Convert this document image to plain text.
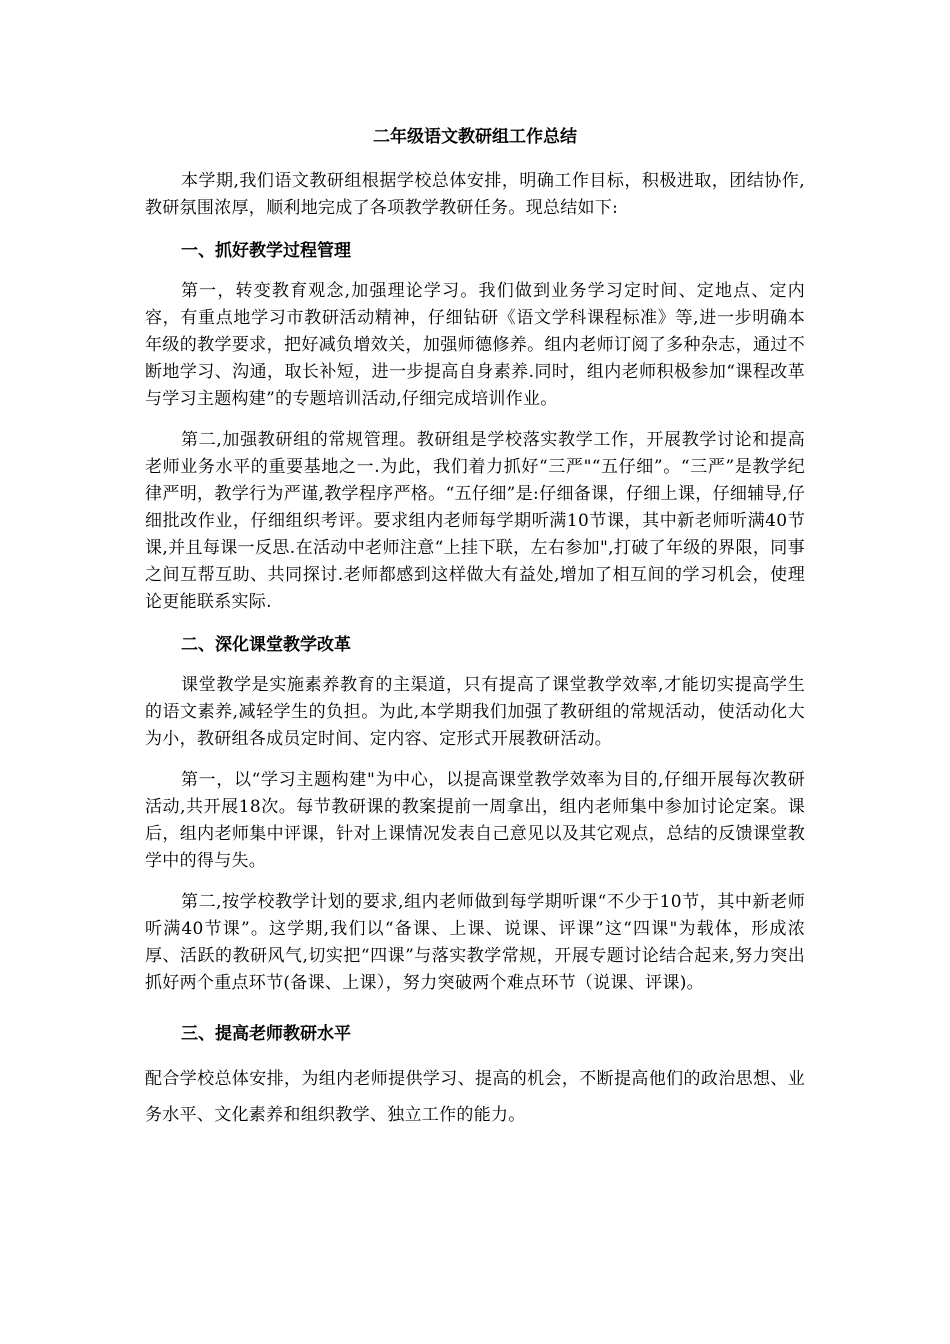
二年级语文教研组工作总结

本学期,我们语文教研组根据学校总体安排，明确工作目标，积极进取，团结协作,教研氛围浓厚，顺利地完成了各项教学教研任务。现总结如下:

一、抓好教学过程管理

第一，转变教育观念,加强理论学习。我们做到业务学习定时间、定地点、定内容，有重点地学习市教研活动精神，仔细钻研《语文学科课程标准》等,进一步明确本年级的教学要求，把好减负增效关，加强师德修养。组内老师订阅了多种杂志，通过不断地学习、沟通，取长补短，进一步提高自身素养.同时，组内老师积极参加“课程改革与学习主题构建”的专题培训活动,仔细完成培训作业。

第二,加强教研组的常规管理。教研组是学校落实教学工作，开展教学讨论和提高老师业务水平的重要基地之一.为此，我们着力抓好“三严"“五仔细”。“三严”是教学纪律严明，教学行为严谨,教学程序严格。“五仔细”是:仔细备课，仔细上课，仔细辅导,仔细批改作业，仔细组织考评。要求组内老师每学期听满10节课，其中新老师听满40节课,并且每课一反思.在活动中老师注意“上挂下联，左右参加",打破了年级的界限，同事之间互帮互助、共同探讨.老师都感到这样做大有益处,增加了相互间的学习机会，使理论更能联系实际.

二、深化课堂教学改革

课堂教学是实施素养教育的主渠道，只有提高了课堂教学效率,才能切实提高学生的语文素养,减轻学生的负担。为此,本学期我们加强了教研组的常规活动，使活动化大为小，教研组各成员定时间、定内容、定形式开展教研活动。

第一，以“学习主题构建"为中心，以提高课堂教学效率为目的,仔细开展每次教研活动,共开展18次。每节教研课的教案提前一周拿出，组内老师集中参加讨论定案。课后，组内老师集中评课，针对上课情况发表自己意见以及其它观点，总结的反馈课堂教学中的得与失。

第二,按学校教学计划的要求,组内老师做到每学期听课“不少于10节，其中新老师听满40节课”。这学期,我们以“备课、上课、说课、评课”这“四课"为载体，形成浓厚、活跃的教研风气,切实把“四课”与落实教学常规，开展专题讨论结合起来,努力突出抓好两个重点环节(备课、上课），努力突破两个难点环节（说课、评课)。

三、提高老师教研水平

配合学校总体安排，为组内老师提供学习、提高的机会，不断提高他们的政治思想、业务水平、文化素养和组织教学、独立工作的能力。
